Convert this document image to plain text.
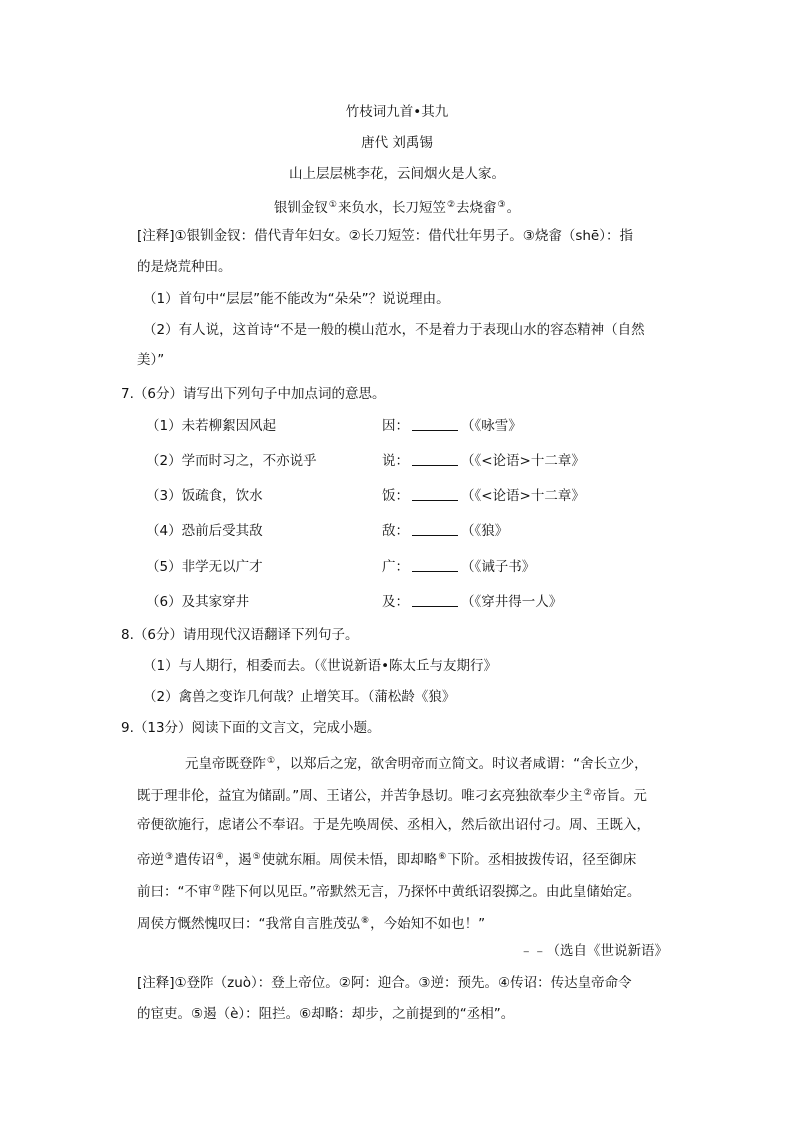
竹枝词九首•其九
唐代 刘禹锡
山上层层桃李花，云间烟火是人家。
银钏金钗①来负水，长刀短笠②去烧畲③。
[注释]①银钏金钗：借代青年妇女。②长刀短笠：借代壮年男子。③烧畲（shē）：指
的是烧荒种田。
（1）首句中“层层”能不能改为“朵朵”？说说理由。
（2）有人说，这首诗“不是一般的模山范水，不是着力于表现山水的容态精神（自然
美）”
7.（6分）请写出下列句子中加点词的意思。
（1）未若柳絮因风起	因：	（《咏雪》
（2）学而时习之，不亦说乎	说：	（《<论语>十二章》
（3）饭疏食，饮水	饭：	（《<论语>十二章》
（4）恐前后受其敌	敌：	（《狼》
（5）非学无以广才	广：	（《诫子书》
（6）及其家穿井	及：	（《穿井得一人》
8.（6分）请用现代汉语翻译下列句子。
（1）与人期行，相委而去。（《世说新语•陈太丘与友期行》
（2）禽兽之变诈几何哉？止增笑耳。（蒲松龄《狼》
9.（13分）阅读下面的文言文，完成小题。
元皇帝既登阼①，以郑后之宠，欲舍明帝而立简文。时议者咸谓：“舍长立少，
既于理非伦，益宜为储副。”周、王诸公，并苦争恳切。唯刁玄亮独欲奉少主②帝旨。元
帝便欲施行，虑诸公不奉诏。于是先唤周侯、丞相入，然后欲出诏付刁。周、王既入，
帝逆③遣传诏④，遏⑤使就东厢。周侯未悟，即却略⑥下阶。丞相披拨传诏，径至御床
前曰：“不审⑦陛下何以见臣。”帝默然无言，乃探怀中黄纸诏裂掷之。由此皇储始定。
周侯方慨然愧叹曰：“我常自言胜茂弘⑧，今始知不如也！”
﹣﹣（选自《世说新语》
[注释]①登阼（zuò）：登上帝位。②阿：迎合。③逆：预先。④传诏：传达皇帝命令
的宦吏。⑤遏（è）：阻拦。⑥却略：却步，之前提到的“丞相”。
